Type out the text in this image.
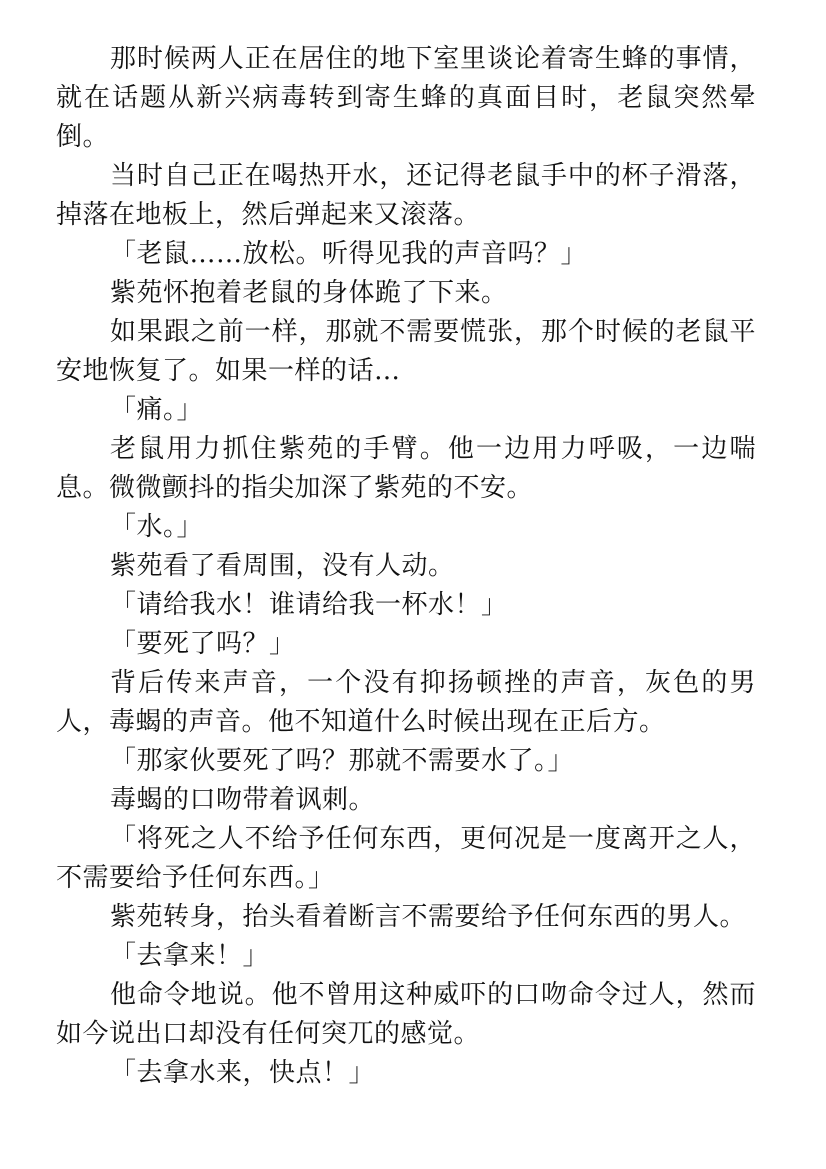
那时候两人正在居住的地下室里谈论着寄生蜂的事情，就在话题从新兴病毒转到寄生蜂的真面目时，老鼠突然晕倒。

当时自己正在喝热开水，还记得老鼠手中的杯子滑落，掉落在地板上，然后弹起来又滚落。

「老鼠……放松。听得见我的声音吗？」

紫苑怀抱着老鼠的身体跪了下来。

如果跟之前一样，那就不需要慌张，那个时候的老鼠平安地恢复了。如果一样的话…

「痛。」

老鼠用力抓住紫苑的手臂。他一边用力呼吸，一边喘息。微微颤抖的指尖加深了紫苑的不安。

「水。」

紫苑看了看周围，没有人动。

「请给我水！谁请给我一杯水！」

「要死了吗？」

背后传来声音，一个没有抑扬顿挫的声音，灰色的男人，毒蝎的声音。他不知道什么时候出现在正后方。

「那家伙要死了吗？那就不需要水了。」

毒蝎的口吻带着讽刺。

「将死之人不给予任何东西，更何况是一度离开之人，不需要给予任何东西。」

紫苑转身，抬头看着断言不需要给予任何东西的男人。

「去拿来！」

他命令地说。他不曾用这种威吓的口吻命令过人，然而如今说出口却没有任何突兀的感觉。

「去拿水来，快点！」
